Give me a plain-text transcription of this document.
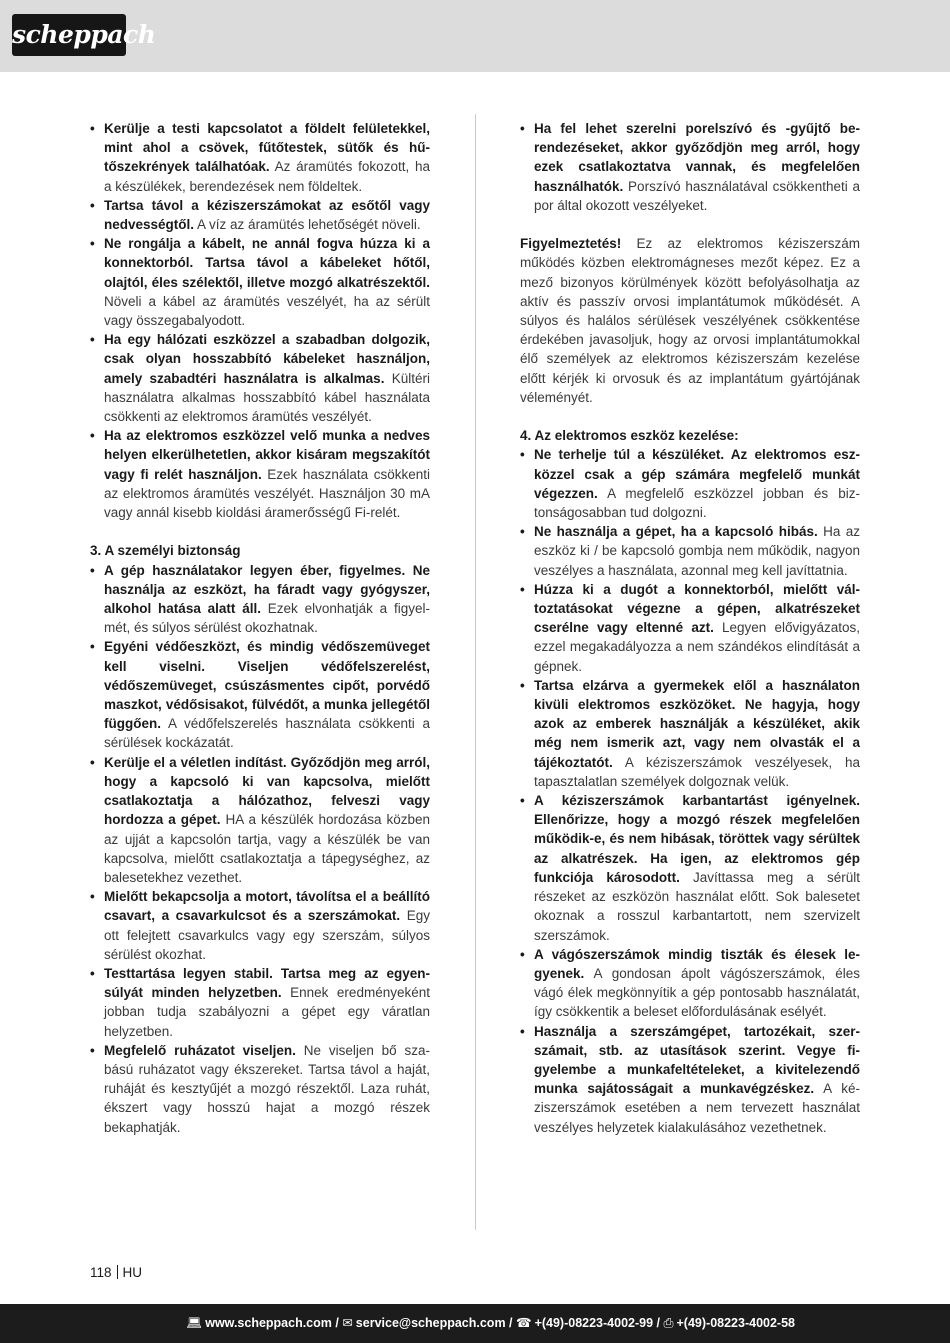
scheppach
• Kerülje a testi kapcsolatot a földelt felületekkel, mint ahol a csövek, fűtőtestek, sütők és hűtőszekrények találhatóak. Az áramütés fokozott, ha a készülékek, berendezések nem földeltek.
• Tartsa távol a kéziszerszámokat az esőtől vagy nedvességtől. A víz az áramütés lehetőségét növeli.
• Ne rongálja a kábelt, ne annál fogva húzza ki a konnektorból. Tartsa távol a kábeleket hőtől, olajtól, éles szélektől, illetve mozgó alkatrészektől. Növeli a kábel az áramütés veszélyét, ha az sérült vagy összegabalyodott.
• Ha egy hálózati eszközzel a szabadban dolgozik, csak olyan hosszabbító kábeleket használjon, amely szabadtéri használatra is alkalmas. Kültéri használatra alkalmas hosszabbító kábel használata csökkenti az elektromos áramütés veszélyét.
• Ha az elektromos eszközzel velő munka a nedves helyen elkerülhetetlen, akkor kisáram megszakítót vagy fi relét használjon. Ezek használata csökkenti az elektromos áramütés veszélyét. Használjon 30 mA vagy annál kisebb kioldási áramerősségű Fi-relét.
3. A személyi biztonság
• A gép használatakor legyen éber, figyelmes. Ne használja az eszközt, ha fáradt vagy gyógyszer, alkohol hatása alatt áll. Ezek elvonhatják a figyelmét, és súlyos sérülést okozhatnak.
• Egyéni védőeszközt, és mindig védőszemüveget kell viselni. Viseljen védőfelszerelést, védőszemüveget, csúszásmentes cipőt, porvédő maszkot, védősisakot, fülvédőt, a munka jellegétől függően. A védőfelszerelés használata csökkenti a sérülések kockázatát.
• Kerülje el a véletlen indítást. Győződjön meg arról, hogy a kapcsoló ki van kapcsolva, mielőtt csatlakoztatja a hálózathoz, felveszi vagy hordozza a gépet. HA a készülék hordozása közben az ujját a kapcsolón tartja, vagy a készülék be van kapcsolva, mielőtt csatlakoztatja a tápegységhez, az balesetekhez vezethet.
• Mielőtt bekapcsolja a motort, távolítsa el a beállító csavart, a csavarkulcsot és a szerszámokat. Egy ott felejtett csavarkulcs vagy egy szerszám, súlyos sérülést okozhat.
• Testtartása legyen stabil. Tartsa meg az egyensúlyát minden helyzetben. Ennek eredményeként jobban tudja szabályozni a gépet egy váratlan helyzetben.
• Megfelelő ruházatot viseljen. Ne viseljen bő szabású ruházatot vagy ékszereket. Tartsa távol a haját, ruháját és kesztyűjét a mozgó részektől. Laza ruhát, ékszert vagy hosszú hajat a mozgó részek bekaphatják.
• Ha fel lehet szerelni porelszívó és -gyűjtő berendezéseket, akkor győződjön meg arról, hogy ezek csatlakoztatva vannak, és megfelelően használhatók. Porszívó használatával csökkentheti a por által okozott veszélyeket.

Figyelmeztetés! Ez az elektromos kéziszerszám működés közben elektromágneses mezőt képez. Ez a mező bizonyos körülmények között befolyásolhatja az aktív és passzív orvosi implantátumok működését. A súlyos és halálos sérülések veszélyének csökkentése érdekében javasoljuk, hogy az orvosi implantátumokkal élő személyek az elektromos kéziszerszám kezelése előtt kérjék ki orvosuk és az implantátum gyártójának véleményét.

4. Az elektromos eszköz kezelése:
• Ne terhelje túl a készüléket. Az elektromos eszközzel csak a gép számára megfelelő munkát végezzen. A megfelelő eszközzel jobban és biztonságosabban tud dolgozni.
• Ne használja a gépet, ha a kapcsoló hibás. Ha az eszköz ki / be kapcsoló gombja nem működik, nagyon veszélyes a használata, azonnal meg kell javíttatnia.
• Húzza ki a dugót a konnektorból, mielőtt változtatásokat végezne a gépen, alkatrészeket cserélne vagy eltenné azt. Legyen elővigyázatos, ezzel megakadályozza a nem szándékos elindítását a gépnek.
• Tartsa elzárva a gyermekek elől a használaton kivüli elektromos eszközöket. Ne hagyja, hogy azok az emberek használják a készüléket, akik még nem ismerik azt, vagy nem olvasták el a tájékoztatót. A kéziszerszámok veszélyesek, ha tapasztalatlan személyek dolgoznak velük.
• A kéziszerszámok karbantartást igényelnek. Ellenőrizze, hogy a mozgó részek megfelelően működik-e, és nem hibásak, töröttek vagy sérültek az alkatrészek. Ha igen, az elektromos gép funkciója károsodott. Javíttassa meg a sérült részeket az eszközön használat előtt. Sok balesetet okoznak a rosszul karbantartott, nem szervizelt szerszámok.
• A vágószerszámok mindig tiszták és élesek legyenek. A gondosan ápolt vágószerszámok, éles vágó élek megkönnyítik a gép pontosabb használatát, így csökkentik a beleset előfordulásának esélyét.
• Használja a szerszámgépet, tartozékait, szerszámait, stb. az utasítások szerint. Vegye figyelembe a munkafeltételeket, a kivitelezendő munka sajátosságait a munkavégzéskez. A kéziszerszámok esetében a nem tervezett használat veszélyes helyzetek kialakulásához vezethetnek.
118 HU
💻︎ www.scheppach.com / ✉︎ service@scheppach.com / ☎︎ +(49)-08223-4002-99 / ⎙ +(49)-08223-4002-58
